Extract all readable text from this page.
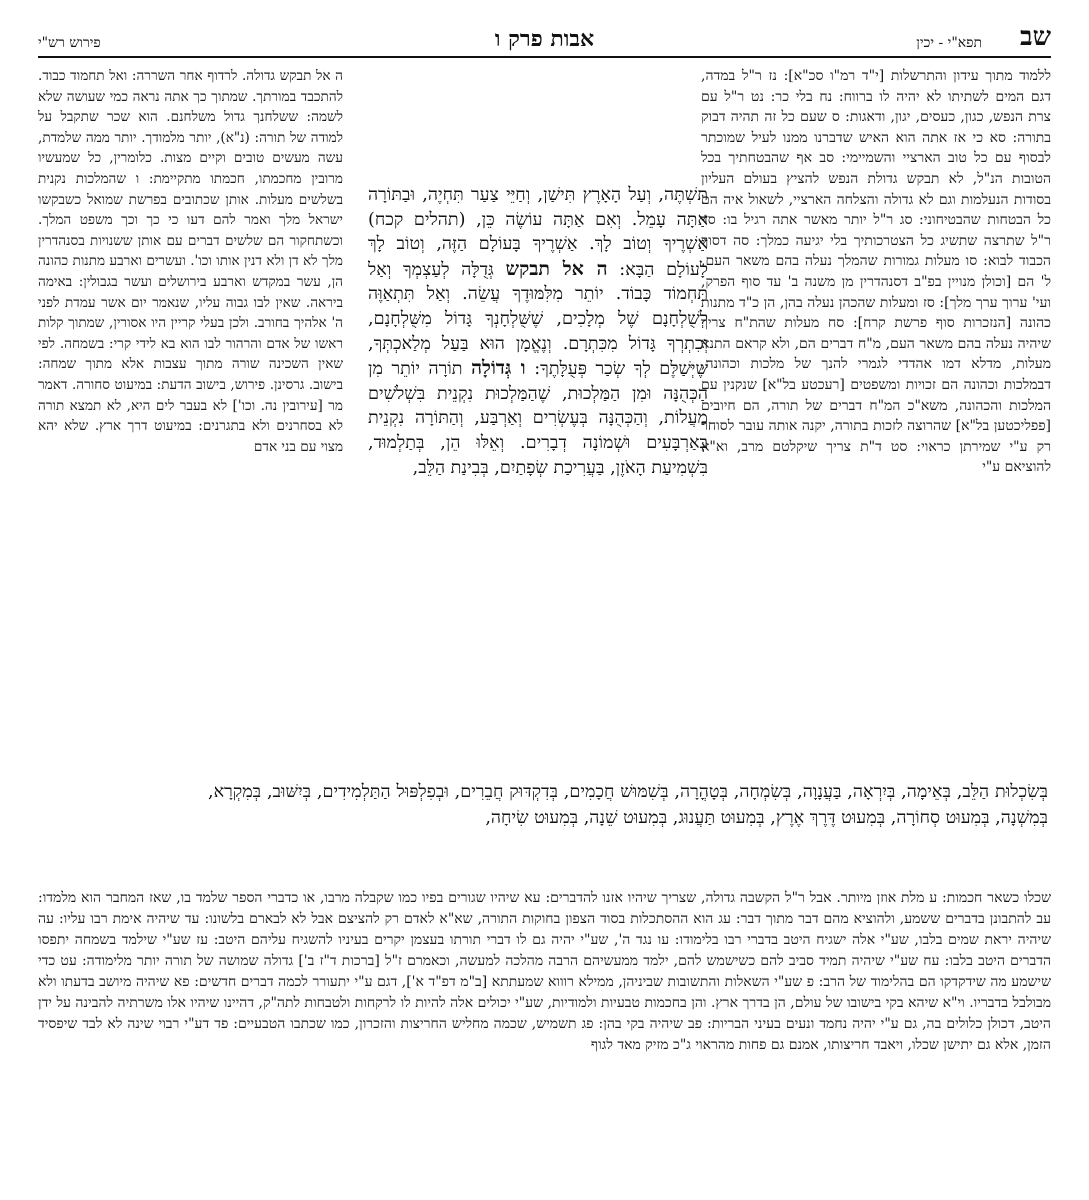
שב
תפא"י - יכין
אבות פרק ו
פירוש רש"י
ללמוד מתוך עידון והתרשלות [י"ד רמ"ו סכ"א]: נז ר"ל במדה, דגם המים לשתיתו לא יהיה לו ברווח: נח בלי כר: נט ר"ל עם צרת הנפש, כגון, כעסים, יגון, ודאגות: ס שעם כל זה תהיה דבוק בתורה: סא כי אז אתה הוא האיש שדברנו ממנו לעיל שמוכתר לבסוף עם כל טוב הארציי והשמיימי: סב אף שהבטחתיך בכל הטובות הנ"ל, לא תבקש גדולת הנפש להציץ בעולם העליון בסודות הנעלמות וגם לא גדולה והצלחה הארציי, לשאול איה הם כל הבטחות שהבטיחוני: סג ר"ל יותר מאשר אתה רגיל בו: סד ר"ל שתרצה שתשיג כל הצטרכותיך בלי יגיעה כמלך: סה דסוף הכבוד לבוא: סו מעלות גמורות שהמלך נעלה בהם משאר העם, ל' הם [וכולן מנויין בפ"ב דסנהדרין מן משנה ב' עד סוף הפרק, ועי' ערוך ערך מלך]: סז ומעלות שהכהן נעלה בהן, הן כ"ד מתנות כהונה [הנזכרות סוף פרשת קרח]: סח מעלות שהת"ח צריך שיהיה נעלה בהם משאר העם, מ"ח דברים הם, ולא קראם התנא מעלות, מדלא דמו אהדדי לגמרי להנך של מלכות וכהונה, דבמלכות וכהונה הם זכויות ומשפטים [רעכטע בל"א] שנקנין עם המלכות והכהונה, משא"כ המ"ח דברים של תורה, הם חיובים [פפליכטען בל"א] שהרוצה לזכות בתורה, יקנה אותה עובר לסוחר רק ע"י שמירתן כראוי: סט ד"ת צריך שיקלטם מרב, וא"א להוציאם ע"י
ה אל תבקש גדולה. לרדוף אחר השררה: ואל תחמוד כבוד. להתכבד במורתך. שמתוך כך אתה נראה כמי שעושה שלא לשמה: ששלחנך גדול משלחנם. הוא שכר שתקבל על למודה של תורה: (נ"א), יותר מלמודך. יותר ממה שלמדת, עשה מעשים טובים וקיים מצות. כלומרין, כל שמעשיו מרובין מחכמתו, חכמתו מתקיימת: ו שהמלכות נקנית בשלשים מעלות. אותן שכתובים בפרשת שמואל כשבקשו ישראל מלך ואמר להם דעו כי כך וכך משפט המלך. וכשתחקור הם שלשים דברים עם אותן ששנויות בסנהדרין מלך לא דן ולא דנין אותו וכו'. ועשרים וארבע מתנות כהונה הן, עשר במקדש וארבע בירושלים ועשר בגבולין: באימה ביראה. שאין לבו גבוה עליו, שנאמר יום אשר עמדת לפני ה' אלהיך בחורב. ולכן בעלי קריין היו אסורין, שמתוך קלות ראשו של אדם והרהור לבו הוא בא לידי קרי: בשמחה. לפי שאין השכינה שורה מתוך עצבות אלא מתוך שמחה: בישוב. גרסינן. פירוש, בישוב הדעת: במיעוט סחורה. דאמר מר [עירובין נה. וכו'] לא בעבר לים היא, לא תמצא תורה לא בסחרנים ולא בתגרנים: במיעוט דרך ארץ. שלא יהא מצוי עם בני אדם
תִּשְׁתֶּה, וְעַל הָאָרֶץ תִּישַׁן, וְחַיֵּי צַעַר תִּחְיֶה, וּבַתּוֹרָה אַתָּה עָמֵל. וְאִם אַתָּה עוֹשֶׂה כֵּן, (תהלים קכח) אַשְׁרֶיךָ וְטוֹב לָךְ. אַשְׁרֶיךָ בָּעוֹלָם הַזֶּה, וְטוֹב לָךְ לָעוֹלָם הַבָּא: ה אל תבקש גְּדֻלָּה לְעַצְמְךָ וְאַל תַּחְמוֹד כָּבוֹד. יוֹתֵר מִלִּמּוּדֶךָ עֲשֵׂה. וְאַל תִּתְאַוֶּה לְשֻׁלְחָנָם שֶׁל מְלָכִים, שֶׁשֻּׁלְחָנְךָ גָּדוֹל מִשֻּׁלְחָנָם, וְכִתְרְךָ גָּדוֹל מִכִּתְרָם. וְנֶאֱמָן הוּא בַּעַל מְלַאכְתְּךָ, שֶׁיְּשַׁלֶּם לְךָ שְׂכַר פְּעֻלָּתֶךָ: ו גְּדוֹלָה תוֹרָה יוֹתֵר מִן הַכְּהֻנָּה וּמִן הַמַּלְכוּת, שֶׁהַמַּלְכוּת נִקְנֵית בִּשְׁלֹשִׁים מַעֲלוֹת, וְהַכְּהֻנָּה בְּעֶשְׂרִים וְאַרְבַּע, וְהַתּוֹרָה נִקְנֵית בְּאַרְבָּעִים וּשְׁמוֹנָה דְבָרִים. וְאֵלּוּ הֵן, בְּתַלְמוּד, בִּשְׁמִיעַת הָאֹזֶן, בַּעֲרִיכַת שְׂפָתַיִם, בְּבִינַת הַלֵּב,
בְּשִׂכְלוּת הַלֵּב, בְּאֵימָה, בְּיִרְאָה, בַּעֲנָוָה, בְּשִׂמְחָה, בְּטָהֳרָה, בְּשִׁמּוּשׁ חֲכָמִים, בְּדִקְדּוּק חֲבֵרִים, וּבְפִלְפּוּל הַתַּלְמִידִים, בְּיִשּׁוּב, בְּמִקְרָא, בְּמִשְׁנָה, בְּמִעוּט סְחוֹרָה, בְּמִעוּט דֶּרֶךְ אֶרֶץ, בְּמִעוּט תַּעֲנוּג, בְּמִעוּט שֵׁנָה, בְּמִעוּט שִׂיחָה,
שכלו כשאר חכמות: ע מלת אוזן מיותר. אבל ר"ל הקשבה גדולה, שצריך שיהיו אזנו להדברים: עא שיהיו שגורים בפיו כמו שקבלה מרבו, או כדברי הספר שלמד בו, שאז המחבר הוא מלמדו: עב להתבונן בדברים ששמע, ולהוציא מהם דבר מתוך דבר: עג הוא ההסתכלות בסוד הצפון בחוקות התורה, שא"א לאדם רק להציצם אבל לא לבארם בלשונו: עד שיהיה אימת רבו עליו: עה שיהיה יראת שמים בלבו, שע"י אלה ישגיח היטב בדברי רבו בלימודו: עו נגד ה', שע"י יהיה גם לו דברי תורתו בעצמן יקרים בעיניו להשגיח עליהם היטב: עז שע"י שילמד בשמחה יתפסו הדברים היטב בלבו: עח שע"י שיהיה תמיד סביב להם כשישמש להם, ילמד ממעשיהם הרבה מהלכה למעשה, וכאמרם ז"ל [ברכות ד"ז ב'] גדולה שמושה של תורה יותר מלימודה: עט כדי שישמע מה שידקדקו הם בהלימוד של הרב: פ שע"י השאלות והתשובות שביניהן, ממילא רוווא שמעתתא [ב"מ דפ"ד א'], דגם ע"י יתעורר לכמה דברים חדשים: פא שיהיה מיושב בדעתו ולא מבולבל בדבריו. וי"א שיהא בקי בישובו של עולם, הן בדרך ארץ. והן בחכמות טבעיות ולמודיות, שע"י יכולים אלה להיות לו לרקחות ולטבחות לתה"ק, דהיינו שיהיו אלו משרתיה להבינה על ידן היטב, דכולן כלולים בה, גם ע"י יהיה נחמד ונעים בעיני הבריות: פב שיהיה בקי בהן: פג תשמיש, שכמה מחליש החריצות והזכרון, כמו שכתבו הטבעיים: פד דע"י רבוי שינה לא לבד שיפסיד הזמן, אלא גם יתישן שכלו, ויאבד חריצותו, אמנם גם פחות מהראוי ג"כ מזיק מאד לגוף
